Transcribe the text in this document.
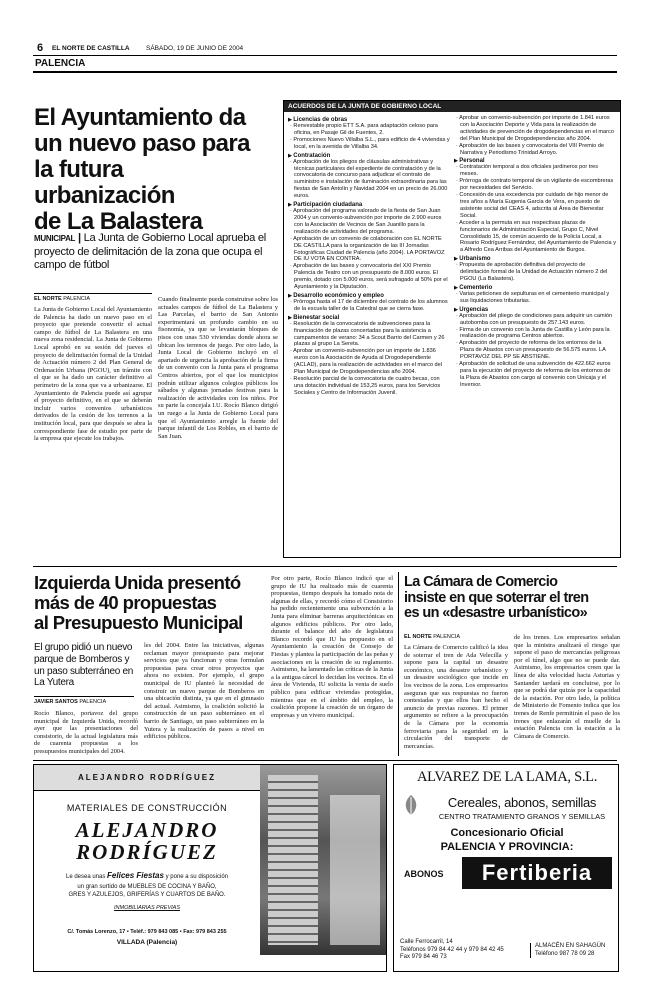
6 EL NORTE DE CASTILLA	SÁBADO, 19 DE JUNIO DE 2004
PALENCIA
El Ayuntamiento da
un nuevo paso para
la futura urbanización
de La Balastera
MUNICIPAL | La Junta de Gobierno Local aprueba el proyecto de delimitación de la zona que ocupa el campo de fútbol
EL NORTE PALENCIA
La Junta de Gobierno Local del Ayuntamiento de Palencia ha dado un nuevo paso en el proyecto que pretende convertir el actual campo de fútbol de La Balastera en una nueva zona residencial. La Junta de Gobierno Local aprobó en su sesión del jueves el proyecto de delimitación formal de la Unidad de Actuación número 2 del Plan General de Ordenación Urbana (PGOU), un trámite con el que se ha dado un carácter definitivo al perímetro de la zona que va a urbanizarse. El Ayuntamiento de Palencia puede así agrupar el proyecto definitivo, en el que se deberán incluir varios convenios urbanísticos derivados de la cesión de los terrenos a la institución local, para que después se abra la correspondiente fase de estudio por parte de la empresa que ejecute los trabajos.
Cuando finalmente pueda construirse sobre los actuales campos de fútbol de La Balastera y Las Parcelas, el barrio de San Antonio experimentará un profundo cambio en su fisonomía, ya que se levantarán bloques de pisos con unas 530 viviendas donde ahora se ubican los terrenos de juego. Por otro lado, la Junta Local de Gobierno incluyó en el apartado de urgencia la aprobación de la firma de un convenio con la Junta para el programa Centros abiertos, por el que los municipios podrán utilizar algunos colegios públicos los sábados y algunas jornadas festivas para la realización de actividades con los niños. Por su parte la concejala I.U. Rocío Blanco dirigió un ruego a la Junta de Gobierno Local para que el Ayuntamiento arregle la fuente del parque infantil de Los Robles, en el barrio de San Juan.
ACUERDOS DE LA JUNTA DE GOBIERNO LOCAL
▶ Licencias de obras
· Renvestable propio ETT S.A. para adaptación celoso para oficina, en Pasaje Gil de Fuentes, 2.
· Promociones Nuevo Villalba S.L., para edificio de 4 viviendas y local, en la avenida de Villalba 34.
▶ Contratación
· Aprobación de los pliegos de cláusulas administrativas y técnicas particulares del expediente de contratación y de la convocatoria de concurso para adjudicar el contrato de suministro e instalación de iluminación extraordinaria para las fiestas de San Antolín y Navidad 2004 en un precio de 26.000 euros.
▶ Participación ciudadana
· Aprobación del programa valorado de la fiesta de San Juan 2004 y un convenio-subvención por importe de 2.900 euros con la Asociación de Vecinos de San Juanillo para la realización de actividades del programa.
· Aprobación de un convenio de colaboración con EL NORTE DE CASTILLA para la organización de las III Jornadas Fotográficas Ciudad de Palencia (año 2004). LA PORTAVOZ DE IU VOTA EN CONTRA.
· Aprobación de las bases y convocatoria del XXI Premio Palencia de Teatro con un presupuesto de 8.000 euros. El premio, dotado con 5.000 euros, será sufragado al 50% por el Ayuntamiento y la Diputación.
▶ Desarrollo económico y empleo
· Prórroga hasta el 17 de diciembre del contrato de los alumnos de la escuela taller de la Catedral que se cierra fase.
▶ Bienestar social
· Resolución de la convocatoria de subvenciones para la financiación de plazas concertadas para la asistencia a campamentos de verano: 34 a Scout Barrio del Carmen y 26 plazas al grupo La Sereta.
· Aprobar un convenio-subvención por un importe de 1.836 euros con la Asociación de Ayuda al Drogodependiente (ACLAD), para la realización de actividades en el marco del Plan Municipal de Drogodependencias año 2004.
· Resolución parcial de la convocatoria de cuatro becas, con una dotación individual de 153,25 euros, para los Servicios Sociales y Centro de Información Juvenil.
· Aprobar un convenio-subvención por importe de 1.841 euros con la Asociación Deporte y Vida para la realización de actividades de prevención de drogodependencias en el marco del Plan Municipal de Drogodependencias año 2004.
· Aprobación de las bases y convocatoria del VIII Premio de Narrativa y Periodismo Trinidad Arroyo.
▶ Personal
· Contratación temporal a dos oficiales jardineros por tres meses.
· Prórroga de contrato temporal de un vigilante de escombreras por necesidades del Servicio.
· Concesión de una excedencia por cuidado de hijo menor de tres años a María Eugenia Garcia de Vera, en puesto de asistente social del CEAS 4, adscrita al Área de Bienestar Social.
· Acceder a la permuta en sus respectivas plazas de funcionarios de Administración Especial, Grupo C, Nivel Consolidado 15, de común acuerdo de la Policía Local, a Rosario Rodríguez Fernández, del Ayuntamiento de Palencia y a Alfredo Cea Arribas del Ayuntamiento de Burgos.
▶ Urbanismo
· Propuesta de aprobación definitiva del proyecto de delimitación formal de la Unidad de Actuación número 2 del PGOU (La Balastera).
▶ Cementerio
· Varias peticiones de sepulturas en el cementerio municipal y sus liquidaciones tributarias.
▶ Urgencias
· Aprobación del pliego de condiciones para adquirir un camión autobomba con un presupuesto de 257.143 euros.
· Firma de un convenio con la Junta de Castilla y León para la realización de programa Centros abiertos.
· Aprobación del proyecto de reforma de los entornos de la Plaza de Abastos con un presupuesto de 56.575 euros. LA PORTAVOZ DEL PP SE ABSTIENE.
· Aprobación de solicitud de una subvención de 422.662 euros para la ejecución del proyecto de reforma de los entornos de la Plaza de Abastos con cargo al convenio con Unicaja y el Inversor.
Izquierda Unida presentó
más de 40 propuestas
al Presupuesto Municipal
El grupo pidió un nuevo parque de Bomberos y un paso subterráneo en La Yutera
JAVIER SANTOS PALENCIA
Rocío Blanco, portavoz del grupo municipal de Izquierda Unida, recordó ayer que las presentaciones del consistorio, de la actual legislatura más de cuarenta propuestas a los presupuestos municipales del 2004.
les del 2004. Entre las iniciativas, algunas reclaman mayor presupuesto para mejorar servicios que ya funcionan y otras formulan propuestas para crear otros proyectos que ahora no existen. Por ejemplo, el grupo municipal de IU planteó la necesidad de construir un nuevo parque de Bomberos en una ubicación distinta, ya que en el gimnasio del actual. Asimismo, la coalición solicitó la construcción de un paso subterráneo en el barrio de Santiago, un paso subterráneo en la Yutera y la realización de pasos a nivel en edificios públicos.
Por otro parte, Rocío Blanco indicó que el grupo de IU ha realizado más de cuarenta propuestas, tiempo después ha tomado nota de algunas de ellas, y recordó cómo el Consistorio ha pedido recientemente una subvención a la Junta para eliminar barreras arquitectónicas en algunos edificios públicos. Por otro lado, durante el balance del año de legislatura Blanco recordó que IU ha propuesto en el Ayuntamiento la creación de Consejo de Fiestas y plantea la participación de las peñas y asociaciones en la creación de su reglamento. Asimismo, ha lamentado las críticas de la Junta a la antigua cárcel lo decidan los vecinos. En el área de Vivienda, IU solicita la venta de suelo público para edificar viviendas protegidas, mientras que en el ámbito del empleo, la coalición propone la creación de un órgano de empresas y un vivero municipal.
La Cámara de Comercio
insiste en que soterrar el tren
es un «desastre urbanístico»
EL NORTE PALENCIA
La Cámara de Comercio calificó la idea de soterrar el tren de Ada Velecilla y supone para la capital un desastre económico, una desastre urbanístico y un desastre sociológico que incide en los vecinos de la zona. Los empresarios aseguran que sus respuestas no fueron contestadas y que ellos han hecho el anuncio de previas razones. El primer argumento se refiere a la preocupación de la Cámara por la economía ferroviaria para la seguridad en la circulación del transporte de mercancías.
de los trenes. Los empresarios señalan que la ministra analizará el riesgo que supone el paso de mercancías peligrosas por el túnel, algo que no se puede dar. Asimismo, los empresarios creen que la línea de alta velocidad hacia Asturias y Santander tardará en concluirse, por lo que se podrá dar quizás por la capacidad de la estación. Por otro lado, la política de Ministerio de Fomento indica que los trenes de Renfe permitirán el paso de los trenes que enlazarán el muelle de la estación Palencia con la estación a la Cámara de Comercio.
ALEJANDRO RODRÍGUEZ
MATERIALES DE CONSTRUCCIÓN
ALEJANDRO
RODRÍGUEZ
Le desea unas Felices Fiestas y pone a su disposición
un gran surtido de MUEBLES DE COCINA Y BAÑO,
GRES Y AZULEJOS, GRIFERÍAS Y CUARTOS DE BAÑO.
INMOBILIARIAS PREVIAS
C/. Tomás Lorenzo, 17 • Teléf.: 979 843 085 • Fax: 979 843 255
VILLADA (Palencia)
ALVAREZ DE LA LAMA, S.L.
Cereales, abonos, semillas
CENTRO TRATAMIENTO GRANOS Y SEMILLAS
Concesionario Oficial
PALENCIA Y PROVINCIA:
ABONOS	Fertiberia
Calle Ferrocarril, 14
Teléfonos 979 84 42 44 y 979 84 42 45
Fax 979 84 46 73
ALMACÉN EN SAHAGÚN
Teléfono 987 78 09 28
